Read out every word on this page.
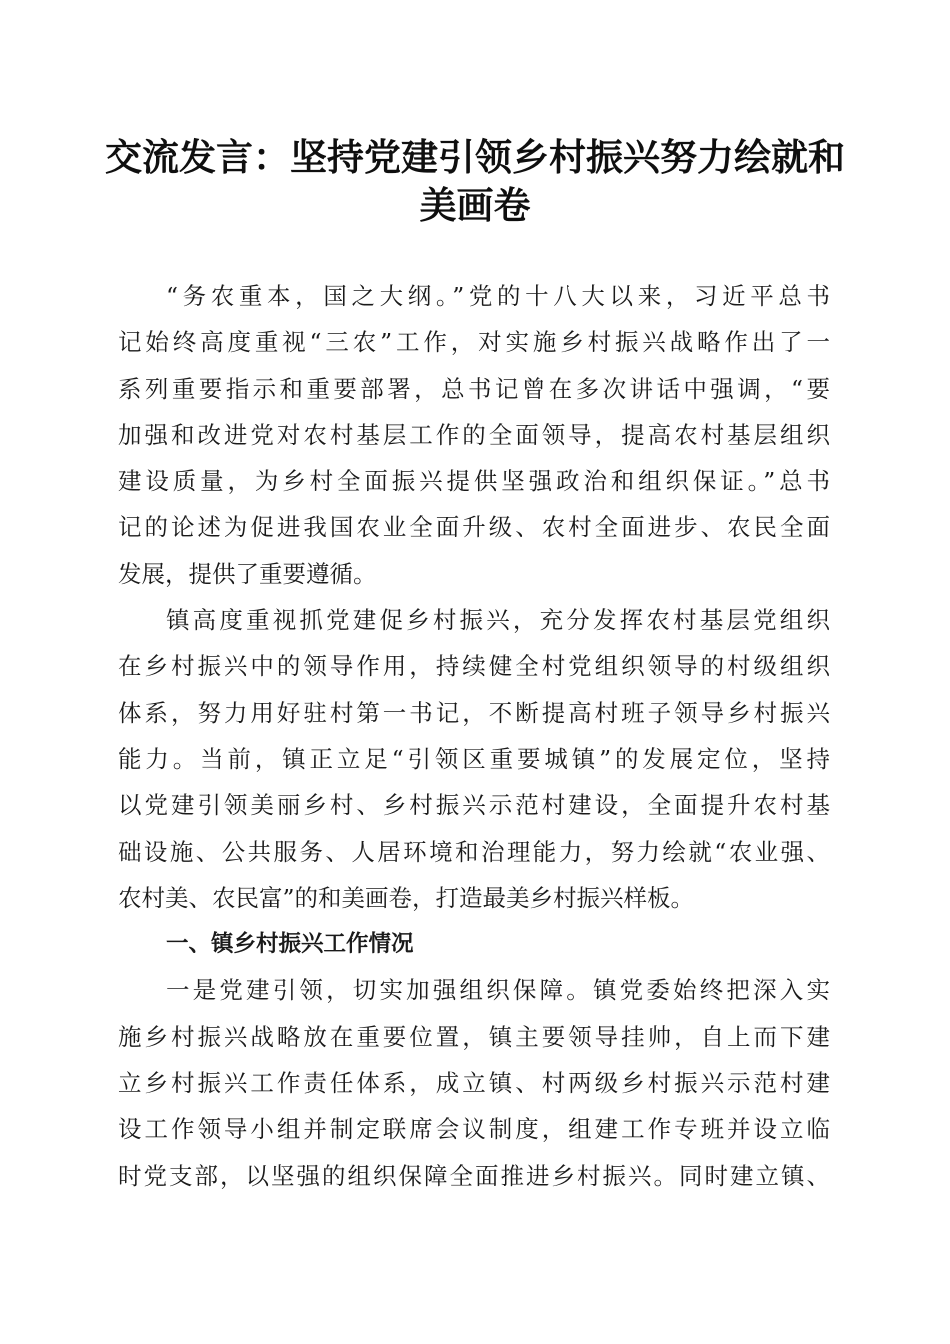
交流发言：坚持党建引领乡村振兴努力绘就和
美画卷
“务农重本，国之大纲。”党的十八大以来，习近平总书
记始终高度重视“三农”工作，对实施乡村振兴战略作出了一
系列重要指示和重要部署，总书记曾在多次讲话中强调，“要
加强和改进党对农村基层工作的全面领导，提高农村基层组织
建设质量，为乡村全面振兴提供坚强政治和组织保证。”总书
记的论述为促进我国农业全面升级、农村全面进步、农民全面
发展，提供了重要遵循。
镇高度重视抓党建促乡村振兴，充分发挥农村基层党组织
在乡村振兴中的领导作用，持续健全村党组织领导的村级组织
体系，努力用好驻村第一书记，不断提高村班子领导乡村振兴
能力。当前，镇正立足“引领区重要城镇”的发展定位，坚持
以党建引领美丽乡村、乡村振兴示范村建设，全面提升农村基
础设施、公共服务、人居环境和治理能力，努力绘就“农业强、
农村美、农民富”的和美画卷，打造最美乡村振兴样板。
一、镇乡村振兴工作情况
一是党建引领，切实加强组织保障。镇党委始终把深入实
施乡村振兴战略放在重要位置，镇主要领导挂帅，自上而下建
立乡村振兴工作责任体系，成立镇、村两级乡村振兴示范村建
设工作领导小组并制定联席会议制度，组建工作专班并设立临
时党支部，以坚强的组织保障全面推进乡村振兴。同时建立镇、
